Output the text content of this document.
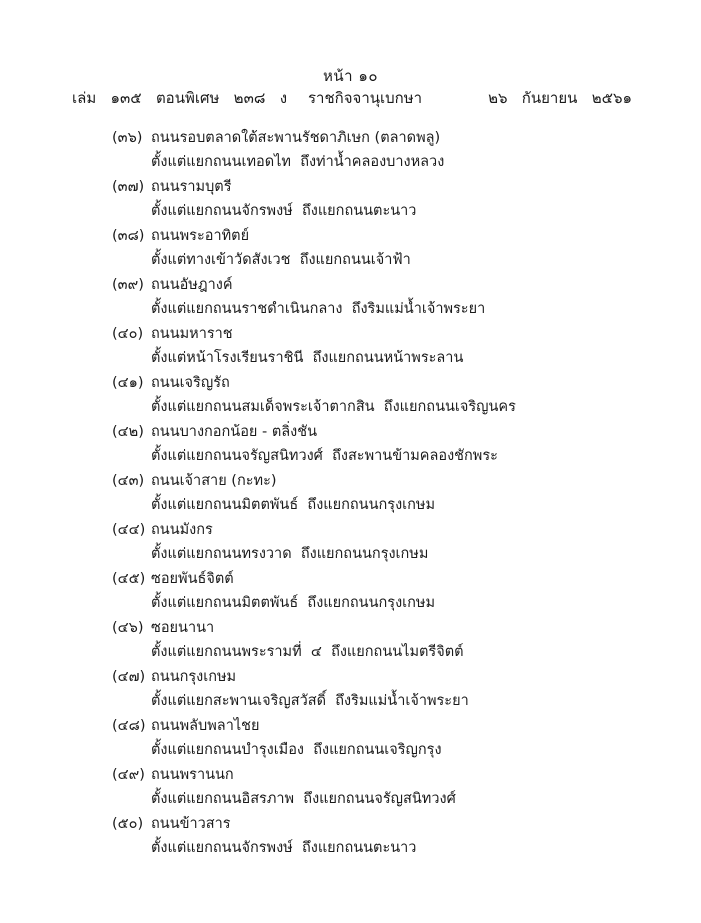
หน้า ๑๐
เล่ม   ๑๓๕   ตอนพิเศษ   ๒๓๘   ง ราชกิจจานุเบกษา	๒๖   กันยายน   ๒๕๖๑
(๓๖) ถนนรอบตลาดใต้สะพานรัชดาภิเษก (ตลาดพลู)
ตั้งแต่แยกถนนเทอดไท  ถึงท่าน้ำคลองบางหลวง
(๓๗) ถนนรามบุตรี
ตั้งแต่แยกถนนจักรพงษ์  ถึงแยกถนนตะนาว
(๓๘) ถนนพระอาทิตย์
ตั้งแต่ทางเข้าวัดสังเวช  ถึงแยกถนนเจ้าฟ้า
(๓๙) ถนนอัษฎางค์
ตั้งแต่แยกถนนราชดำเนินกลาง  ถึงริมแม่น้ำเจ้าพระยา
(๔๐) ถนนมหาราช
ตั้งแต่หน้าโรงเรียนราชินี  ถึงแยกถนนหน้าพระลาน
(๔๑) ถนนเจริญรัถ
ตั้งแต่แยกถนนสมเด็จพระเจ้าตากสิน  ถึงแยกถนนเจริญนคร
(๔๒) ถนนบางกอกน้อย - ตลิ่งชัน
ตั้งแต่แยกถนนจรัญสนิทวงศ์  ถึงสะพานข้ามคลองชักพระ
(๔๓) ถนนเจ้าสาย (กะทะ)
ตั้งแต่แยกถนนมิตตพันธ์  ถึงแยกถนนกรุงเกษม
(๔๔) ถนนมังกร
ตั้งแต่แยกถนนทรงวาด  ถึงแยกถนนกรุงเกษม
(๔๕) ซอยพันธ์จิตต์
ตั้งแต่แยกถนนมิตตพันธ์  ถึงแยกถนนกรุงเกษม
(๔๖) ซอยนานา
ตั้งแต่แยกถนนพระรามที่  ๔  ถึงแยกถนนไมตรีจิตต์
(๔๗) ถนนกรุงเกษม
ตั้งแต่แยกสะพานเจริญสวัสดิ์  ถึงริมแม่น้ำเจ้าพระยา
(๔๘) ถนนพลับพลาไชย
ตั้งแต่แยกถนนบำรุงเมือง  ถึงแยกถนนเจริญกรุง
(๔๙) ถนนพรานนก
ตั้งแต่แยกถนนอิสรภาพ  ถึงแยกถนนจรัญสนิทวงศ์
(๕๐) ถนนข้าวสาร
ตั้งแต่แยกถนนจักรพงษ์  ถึงแยกถนนตะนาว
